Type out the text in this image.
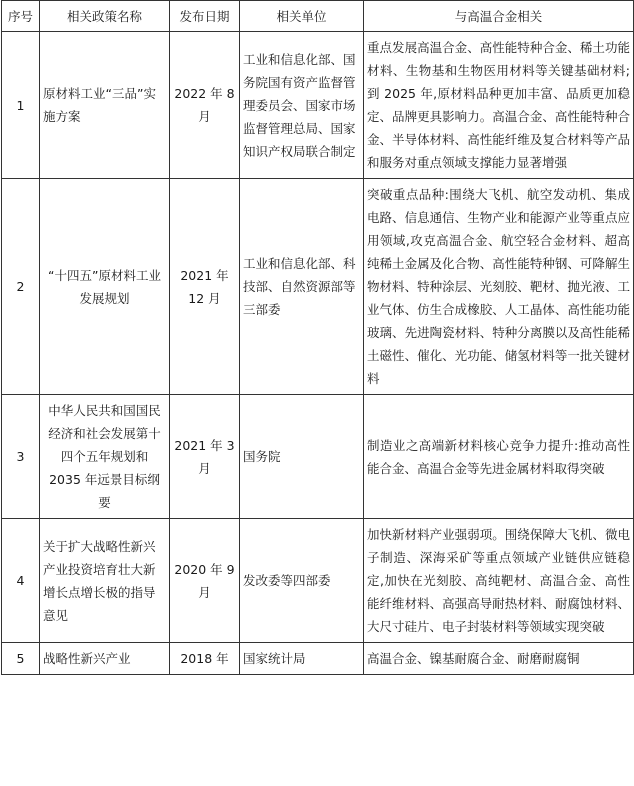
序号	相关政策名称	发布日期	相关单位	与高温合金相关
1	原材料工业“三品”实施方案	2022 年 8 月	工业和信息化部、国务院国有资产监督管理委员会、国家市场监督管理总局、国家知识产权局联合制定	重点发展高温合金、高性能特种合金、稀土功能材料、生物基和生物医用材料等关键基础材料;到 2025 年,原材料品种更加丰富、品质更加稳定、品牌更具影响力。高温合金、高性能特种合金、半导体材料、高性能纤维及复合材料等产品和服务对重点领域支撑能力显著增强

2	“十四五”原材料工业发展规划	2021 年 12 月	工业和信息化部、科技部、自然资源部等三部委	突破重点品种:围绕大飞机、航空发动机、集成电路、信息通信、生物产业和能源产业等重点应用领域,攻克高温合金、航空轻合金材料、超高纯稀土金属及化合物、高性能特种钢、可降解生物材料、特种涂层、光刻胶、靶材、抛光液、工业气体、仿生合成橡胶、人工晶体、高性能功能玻璃、先进陶瓷材料、特种分离膜以及高性能稀土磁性、催化、光功能、储氢材料等一批关键材料

3	中华人民共和国国民经济和社会发展第十四个五年规划和 2035 年远景目标纲要	2021 年 3 月	国务院	制造业之高端新材料核心竞争力提升:推动高性能合金、高温合金等先进金属材料取得突破

4	关于扩大战略性新兴产业投资培育壮大新增长点增长极的指导意见	2020 年 9 月	发改委等四部委	加快新材料产业强弱项。围绕保障大飞机、微电子制造、深海采矿等重点领域产业链供应链稳定,加快在光刻胶、高纯靶材、高温合金、高性能纤维材料、高强高导耐热材料、耐腐蚀材料、大尺寸硅片、电子封装材料等领域实现突破

5	战略性新兴产业	2018 年	国家统计局	高温合金、镍基耐腐合金、耐磨耐腐铜
